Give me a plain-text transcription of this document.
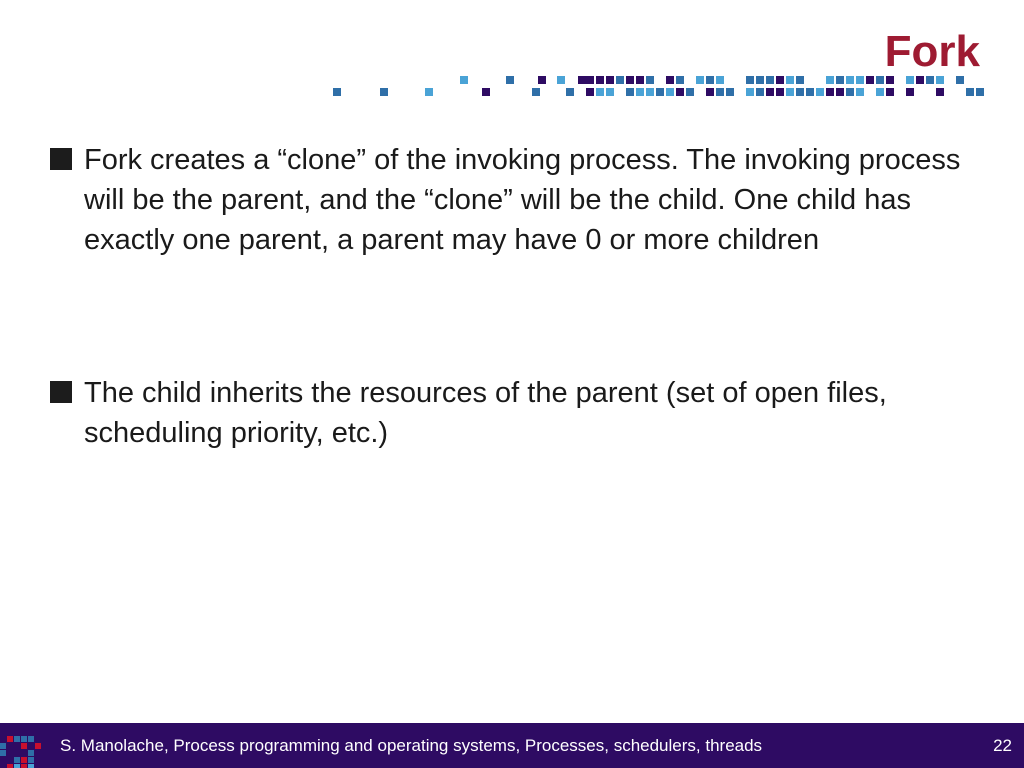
Fork
Fork creates a “clone” of the invoking process. The invoking process will be the parent, and the “clone” will be the child. One child has exactly one parent, a parent may have 0 or more children
The child inherits the resources of the parent (set of open files, scheduling priority, etc.)
S. Manolache, Process programming and operating systems, Processes, schedulers, threads	22
